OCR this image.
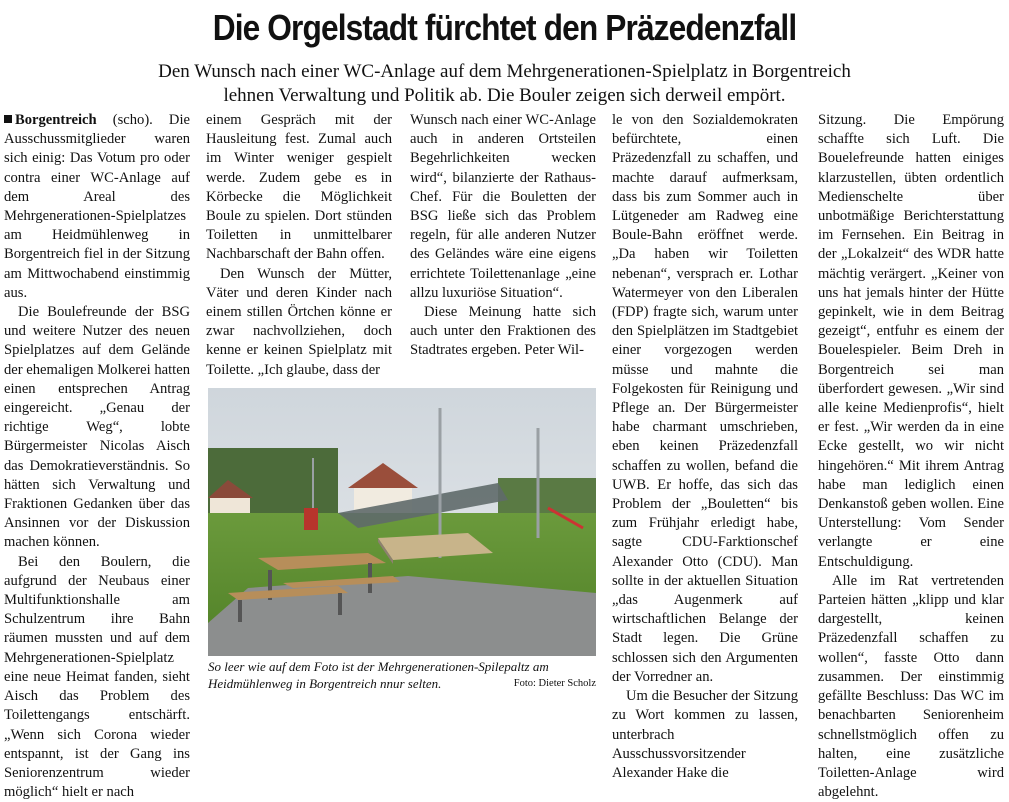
Die Orgelstadt fürchtet den Präzedenzfall
Den Wunsch nach einer WC-Anlage auf dem Mehrgenerationen-Spielplatz in Borgentreich
lehnen Verwaltung und Politik ab. Die Bouler zeigen sich derweil empört.

Borgentreich (scho). Die Ausschussmitglieder waren sich einig: Das Votum pro oder contra einer WC-Anlage auf dem Areal des Mehrgenerationen-Spielplatzes am Heidmühlenweg in Borgentreich fiel in der Sitzung am Mittwochabend einstimmig aus.

Die Boulefreunde der BSG und weitere Nutzer des neuen Spielplatzes auf dem Gelände der ehemaligen Molkerei hatten einen entsprechen Antrag eingereicht. „Genau der richtige Weg“, lobte Bürgermeister Nicolas Aisch das Demokratieverständnis. So hätten sich Verwaltung und Fraktionen Gedanken über das Ansinnen vor der Diskussion machen können.

Bei den Boulern, die aufgrund der Neubaus einer Multifunktionshalle am Schulzentrum ihre Bahn räumen mussten und auf dem Mehrgenerationen-Spielplatz eine neue Heimat fanden, sieht Aisch das Problem des Toilettengangs entschärft. „Wenn sich Corona wieder entspannt, ist der Gang ins Seniorenzentrum wieder möglich“ hielt er nach

einem Gespräch mit der Hausleitung fest. Zumal auch im Winter weniger gespielt werde. Zudem gebe es in Körbecke die Möglichkeit Boule zu spielen. Dort stünden Toiletten in unmittelbarer Nachbarschaft der Bahn offen.

Den Wunsch der Mütter, Väter und deren Kinder nach einem stillen Örtchen könne er zwar nachvollziehen, doch kenne er keinen Spielplatz mit Toilette. „Ich glaube, dass der

Wunsch nach einer WC-Anlage auch in anderen Ortsteilen Begehrlichkeiten wecken wird“, bilanzierte der Rathaus-Chef. Für die Bouletten der BSG ließe sich das Problem regeln, für alle anderen Nutzer des Geländes wäre eine eigens errichtete Toilettenanlage „eine allzu luxuriöse Situation“.

Diese Meinung hatte sich auch unter den Fraktionen des Stadtrates ergeben. Peter Wil-

le von den Sozialdemokraten befürchtete, einen Präzedenzfall zu schaffen, und machte darauf aufmerksam, dass bis zum Sommer auch in Lütgeneder am Radweg eine Boule-Bahn eröffnet werde. „Da haben wir Toiletten nebenan“, versprach er. Lothar Watermeyer von den Liberalen (FDP) fragte sich, warum unter den Spielplätzen im Stadtgebiet einer vorgezogen werden müsse und mahnte die Folgekosten für Reinigung und Pflege an. Der Bürgermeister habe charmant umschrieben, eben keinen Präzedenzfall schaffen zu wollen, befand die UWB. Er hoffe, das sich das Problem der „Bouletten“ bis zum Frühjahr erledigt habe, sagte CDU-Farktionschef Alexander Otto (CDU). Man sollte in der aktuellen Situation „das Augenmerk auf wirtschaftlichen Belange der Stadt legen. Die Grüne schlossen sich den Argumenten der Vorredner an.

Um die Besucher der Sitzung zu Wort kommen zu lassen, unterbrach Ausschussvorsitzender Alexander Hake die

Sitzung. Die Empörung schaffte sich Luft. Die Bouelefreunde hatten einiges klarzustellen, übten ordentlich Medienschelte über unbotmäßige Berichterstattung im Fernsehen. Ein Beitrag in der „Lokalzeit“ des WDR hatte mächtig verärgert. „Keiner von uns hat jemals hinter der Hütte gepinkelt, wie in dem Beitrag gezeigt“, entfuhr es einem der Bouelespieler. Beim Dreh in Borgentreich sei man überfordert gewesen. „Wir sind alle keine Medienprofis“, hielt er fest. „Wir werden da in eine Ecke gestellt, wo wir nicht hingehören.“ Mit ihrem Antrag habe man lediglich einen Denkanstoß geben wollen. Eine Unterstellung: Vom Sender verlangte er eine Entschuldigung.

Alle im Rat vertretenden Parteien hätten „klipp und klar dargestellt, keinen Präzedenzfall schaffen zu wollen“, fasste Otto dann zusammen. Der einstimmig gefällte Beschluss: Das WC im benachbarten Seniorenheim schnellstmöglich offen zu halten, eine zusätzliche Toiletten-Anlage wird abgelehnt.

So leer wie auf dem Foto ist der Mehrgenerationen-Spilepaltz am Heidmühlenweg in Borgentreich nnur selten.	Foto: Dieter Scholz
